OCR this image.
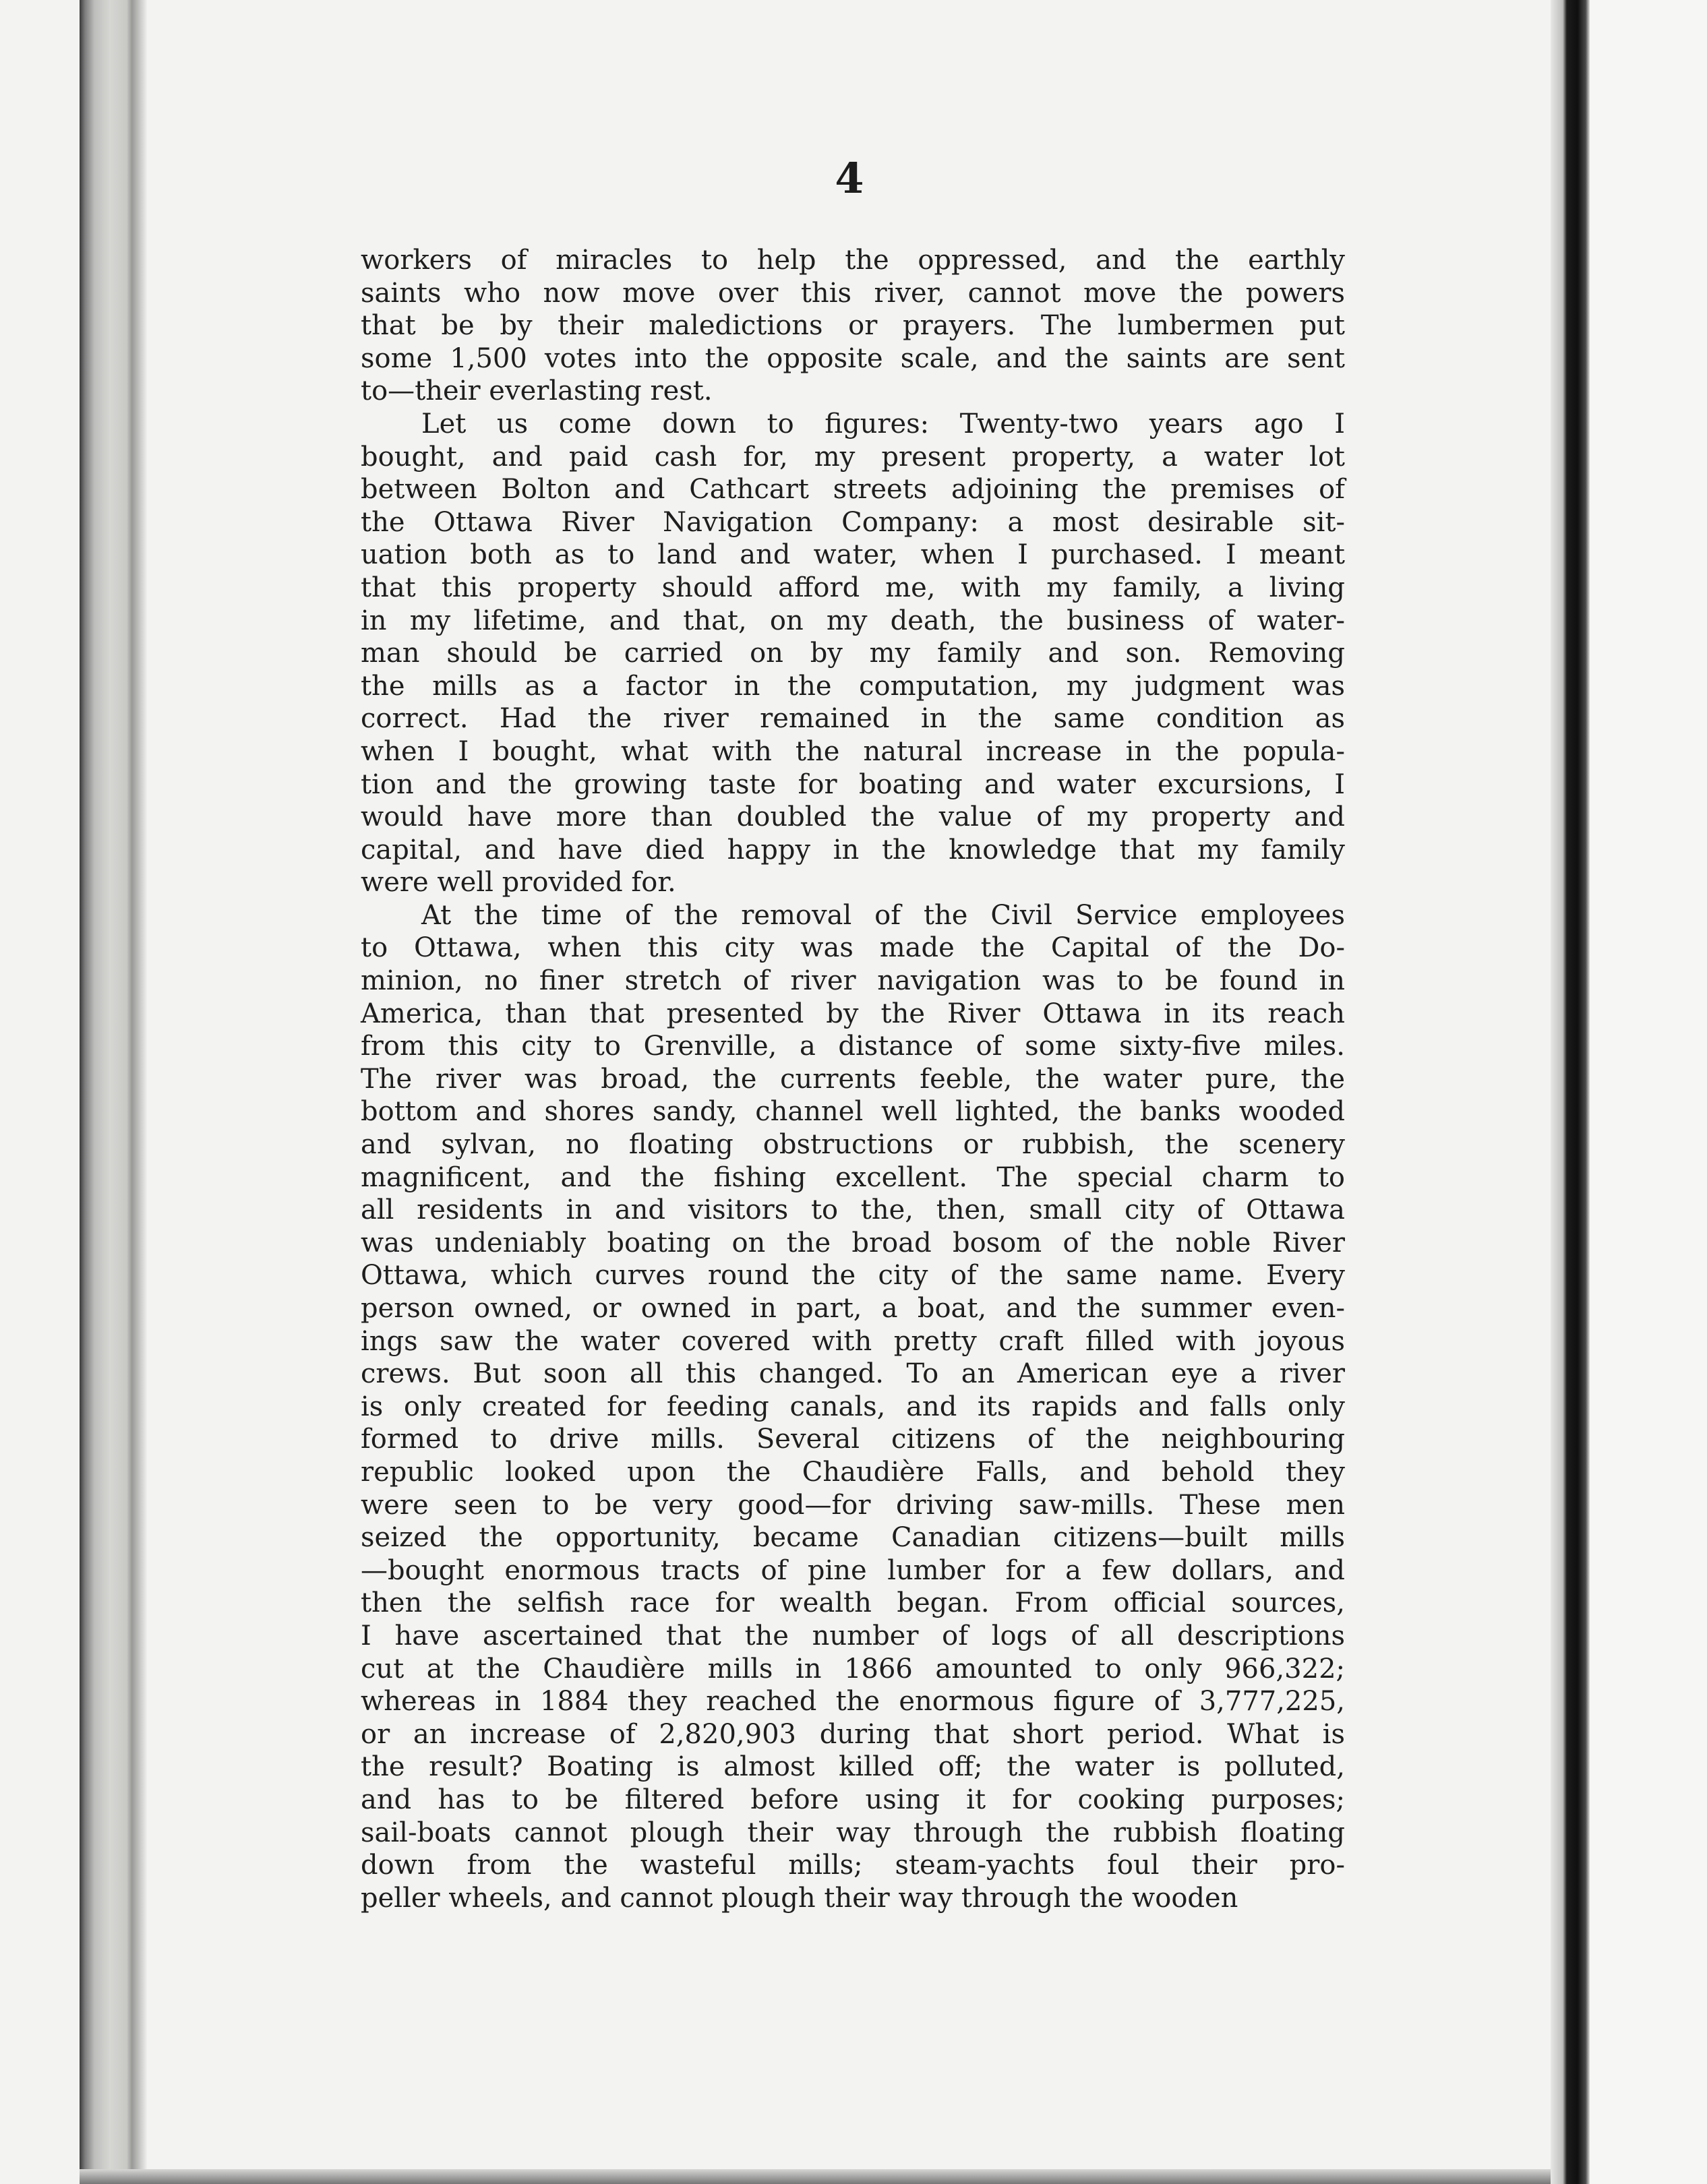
4
workers of miracles to help the oppressed, and the earthly
saints who now move over this river, cannot move the powers
that be by their maledictions or prayers. The lumbermen put
some 1,500 votes into the opposite scale, and the saints are sent
to—their everlasting rest.
Let us come down to figures: Twenty-two years ago I
bought, and paid cash for, my present property, a water lot
between Bolton and Cathcart streets adjoining the premises of
the Ottawa River Navigation Company: a most desirable sit-
uation both as to land and water, when I purchased. I meant
that this property should afford me, with my family, a living
in my lifetime, and that, on my death, the business of water-
man should be carried on by my family and son. Removing
the mills as a factor in the computation, my judgment was
correct. Had the river remained in the same condition as
when I bought, what with the natural increase in the popula-
tion and the growing taste for boating and water excursions, I
would have more than doubled the value of my property and
capital, and have died happy in the knowledge that my family
were well provided for.
At the time of the removal of the Civil Service employees
to Ottawa, when this city was made the Capital of the Do-
minion, no finer stretch of river navigation was to be found in
America, than that presented by the River Ottawa in its reach
from this city to Grenville, a distance of some sixty-five miles.
The river was broad, the currents feeble, the water pure, the
bottom and shores sandy, channel well lighted, the banks wooded
and sylvan, no floating obstructions or rubbish, the scenery
magnificent, and the fishing excellent. The special charm to
all residents in and visitors to the, then, small city of Ottawa
was undeniably boating on the broad bosom of the noble River
Ottawa, which curves round the city of the same name. Every
person owned, or owned in part, a boat, and the summer even-
ings saw the water covered with pretty craft filled with joyous
crews. But soon all this changed. To an American eye a river
is only created for feeding canals, and its rapids and falls only
formed to drive mills. Several citizens of the neighbouring
republic looked upon the Chaudière Falls, and behold they
were seen to be very good—for driving saw-mills. These men
seized the opportunity, became Canadian citizens—built mills
—bought enormous tracts of pine lumber for a few dollars, and
then the selfish race for wealth began. From official sources,
I have ascertained that the number of logs of all descriptions
cut at the Chaudière mills in 1866 amounted to only 966,322;
whereas in 1884 they reached the enormous figure of 3,777,225,
or an increase of 2,820,903 during that short period. What is
the result? Boating is almost killed off; the water is polluted,
and has to be filtered before using it for cooking purposes;
sail-boats cannot plough their way through the rubbish floating
down from the wasteful mills; steam-yachts foul their pro-
peller wheels, and cannot plough their way through the wooden
